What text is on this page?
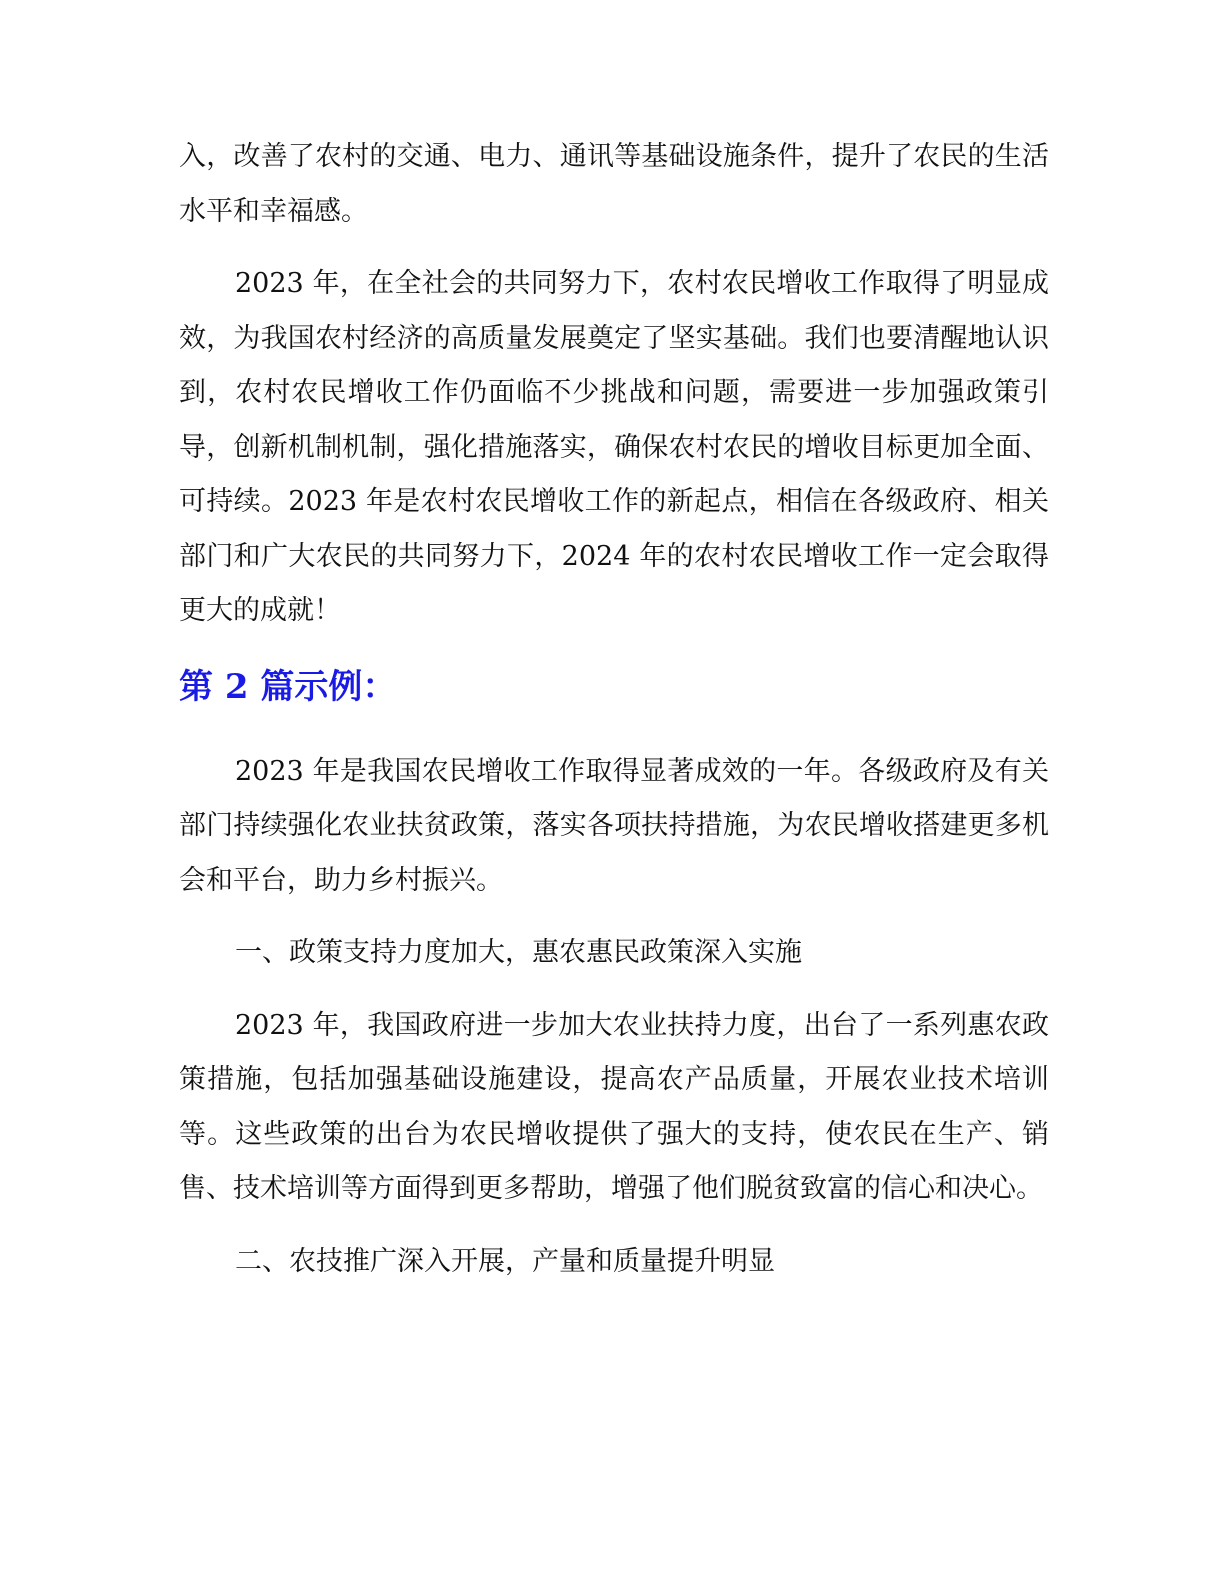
入，改善了农村的交通、电力、通讯等基础设施条件，提升了农民的生活水平和幸福感。

2023 年，在全社会的共同努力下，农村农民增收工作取得了明显成效，为我国农村经济的高质量发展奠定了坚实基础。我们也要清醒地认识到，农村农民增收工作仍面临不少挑战和问题，需要进一步加强政策引导，创新机制机制，强化措施落实，确保农村农民的增收目标更加全面、可持续。2023 年是农村农民增收工作的新起点，相信在各级政府、相关部门和广大农民的共同努力下，2024 年的农村农民增收工作一定会取得更大的成就！

第 2 篇示例：

2023 年是我国农民增收工作取得显著成效的一年。各级政府及有关部门持续强化农业扶贫政策，落实各项扶持措施，为农民增收搭建更多机会和平台，助力乡村振兴。

一、政策支持力度加大，惠农惠民政策深入实施

2023 年，我国政府进一步加大农业扶持力度，出台了一系列惠农政策措施，包括加强基础设施建设，提高农产品质量，开展农业技术培训等。这些政策的出台为农民增收提供了强大的支持，使农民在生产、销售、技术培训等方面得到更多帮助，增强了他们脱贫致富的信心和决心。

二、农技推广深入开展，产量和质量提升明显
